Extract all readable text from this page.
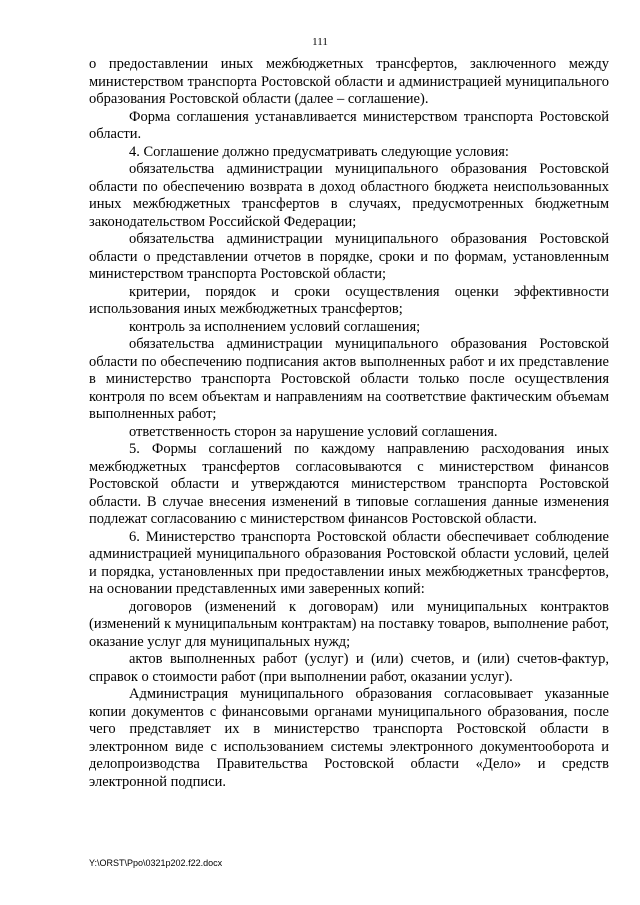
111

о предоставлении иных межбюджетных трансфертов, заключенного между министерством транспорта Ростовской области и администрацией муниципального образования Ростовской области (далее – соглашение).

Форма соглашения устанавливается министерством транспорта Ростовской области.

4. Соглашение должно предусматривать следующие условия:

обязательства администрации муниципального образования Ростовской области по обеспечению возврата в доход областного бюджета неиспользованных иных межбюджетных трансфертов в случаях, предусмотренных бюджетным законодательством Российской Федерации;

обязательства администрации муниципального образования Ростовской области о представлении отчетов в порядке, сроки и по формам, установленным министерством транспорта Ростовской области;

критерии, порядок и сроки осуществления оценки эффективности использования иных межбюджетных трансфертов;

контроль за исполнением условий соглашения;

обязательства администрации муниципального образования Ростовской области по обеспечению подписания актов выполненных работ и их представление в министерство транспорта Ростовской области только после осуществления контроля по всем объектам и направлениям на соответствие фактическим объемам выполненных работ;

ответственность сторон за нарушение условий соглашения.

5. Формы соглашений по каждому направлению расходования иных межбюджетных трансфертов согласовываются с министерством финансов Ростовской области и утверждаются министерством транспорта Ростовской области. В случае внесения изменений в типовые соглашения данные изменения подлежат согласованию с министерством финансов Ростовской области.

6. Министерство транспорта Ростовской области обеспечивает соблюдение администрацией муниципального образования Ростовской области условий, целей и порядка, установленных при предоставлении иных межбюджетных трансфертов, на основании представленных ими заверенных копий:

договоров (изменений к договорам) или муниципальных контрактов (изменений к муниципальным контрактам) на поставку товаров, выполнение работ, оказание услуг для муниципальных нужд;

актов выполненных работ (услуг) и (или) счетов, и (или) счетов-фактур, справок о стоимости работ (при выполнении работ, оказании услуг).

Администрация муниципального образования согласовывает указанные копии документов с финансовыми органами муниципального образования, после чего представляет их в министерство транспорта Ростовской области в электронном виде с использованием системы электронного документооборота и делопроизводства Правительства Ростовской области «Дело» и средств электронной подписи.

Y:\ORST\Ppo\0321p202.f22.docx
